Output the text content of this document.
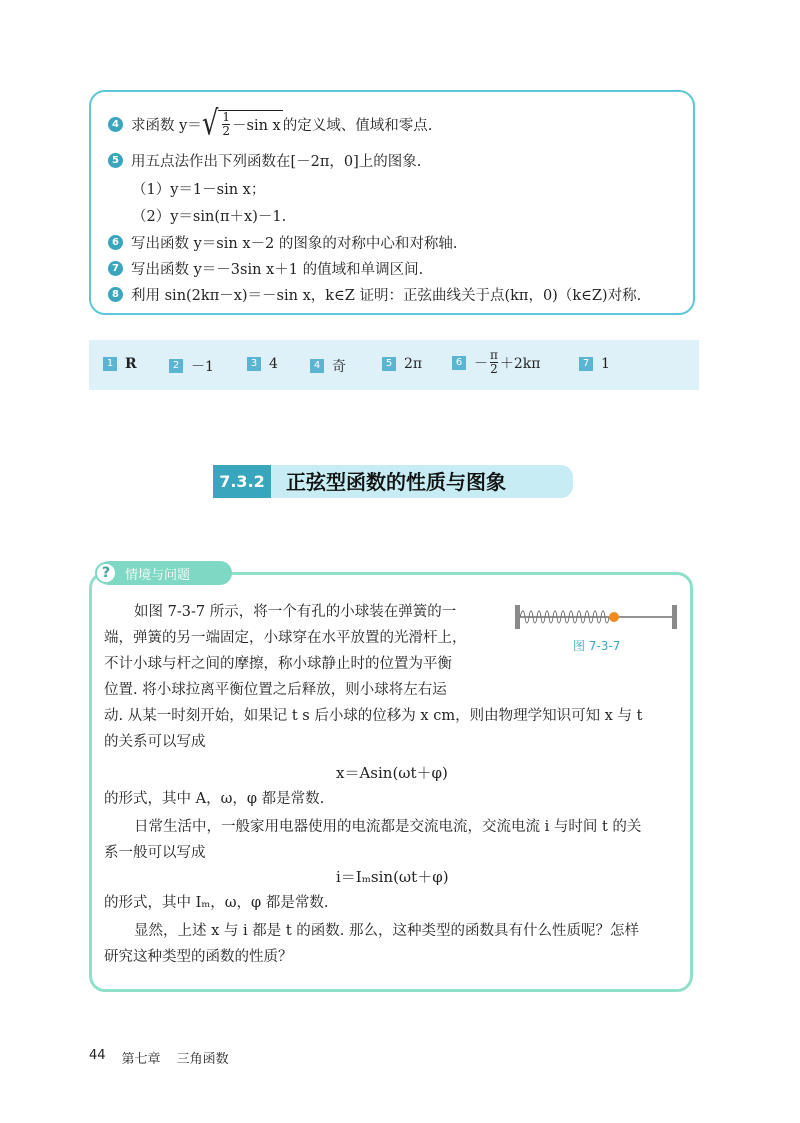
4 求函数 y＝ √ $\frac{1}{2} -\sin$ x 的定义域、值域和零点.
5 用五点法作出下列函数在[－2π，0]上的图象.
（1）y＝1－sin x；
（2）y＝sin(π＋x)－1.
6 写出函数 y＝sin x－2 的图象的对称中心和对称轴.
7 写出函数 y＝－3sin x＋1 的值域和单调区间.
8 利用 sin(2kπ－x)＝－sin x，k∈Z 证明：正弦曲线关于点(kπ，0)（k∈Z)对称.
1 R	2 －1	3 4	4 奇	5 2π	$6 - \frac{\pi}{2} +2k\pi$	7 1
7.3.2	正弦型函数的性质与图象
?	情境与问题
图 7-3-7
如图 7-3-7 所示，将一个有孔的小球装在弹簧的一
端，弹簧的另一端固定，小球穿在水平放置的光滑杆上，
不计小球与杆之间的摩擦，称小球静止时的位置为平衡
位置. 将小球拉离平衡位置之后释放，则小球将左右运
动. 从某一时刻开始，如果记 t s 后小球的位移为 x cm，则由物理学知识可知 x 与 t
的关系可以写成
x＝Asin(ωt＋φ)
的形式，其中 A，ω，φ 都是常数.
日常生活中，一般家用电器使用的电流都是交流电流，交流电流 i 与时间 t 的关
系一般可以写成
i＝Iₘsin(ωt＋φ)
的形式，其中 Iₘ，ω，φ 都是常数.
显然，上述 x 与 i 都是 t 的函数. 那么，这种类型的函数具有什么性质呢？怎样
研究这种类型的函数的性质？
44 第七章 三角函数
